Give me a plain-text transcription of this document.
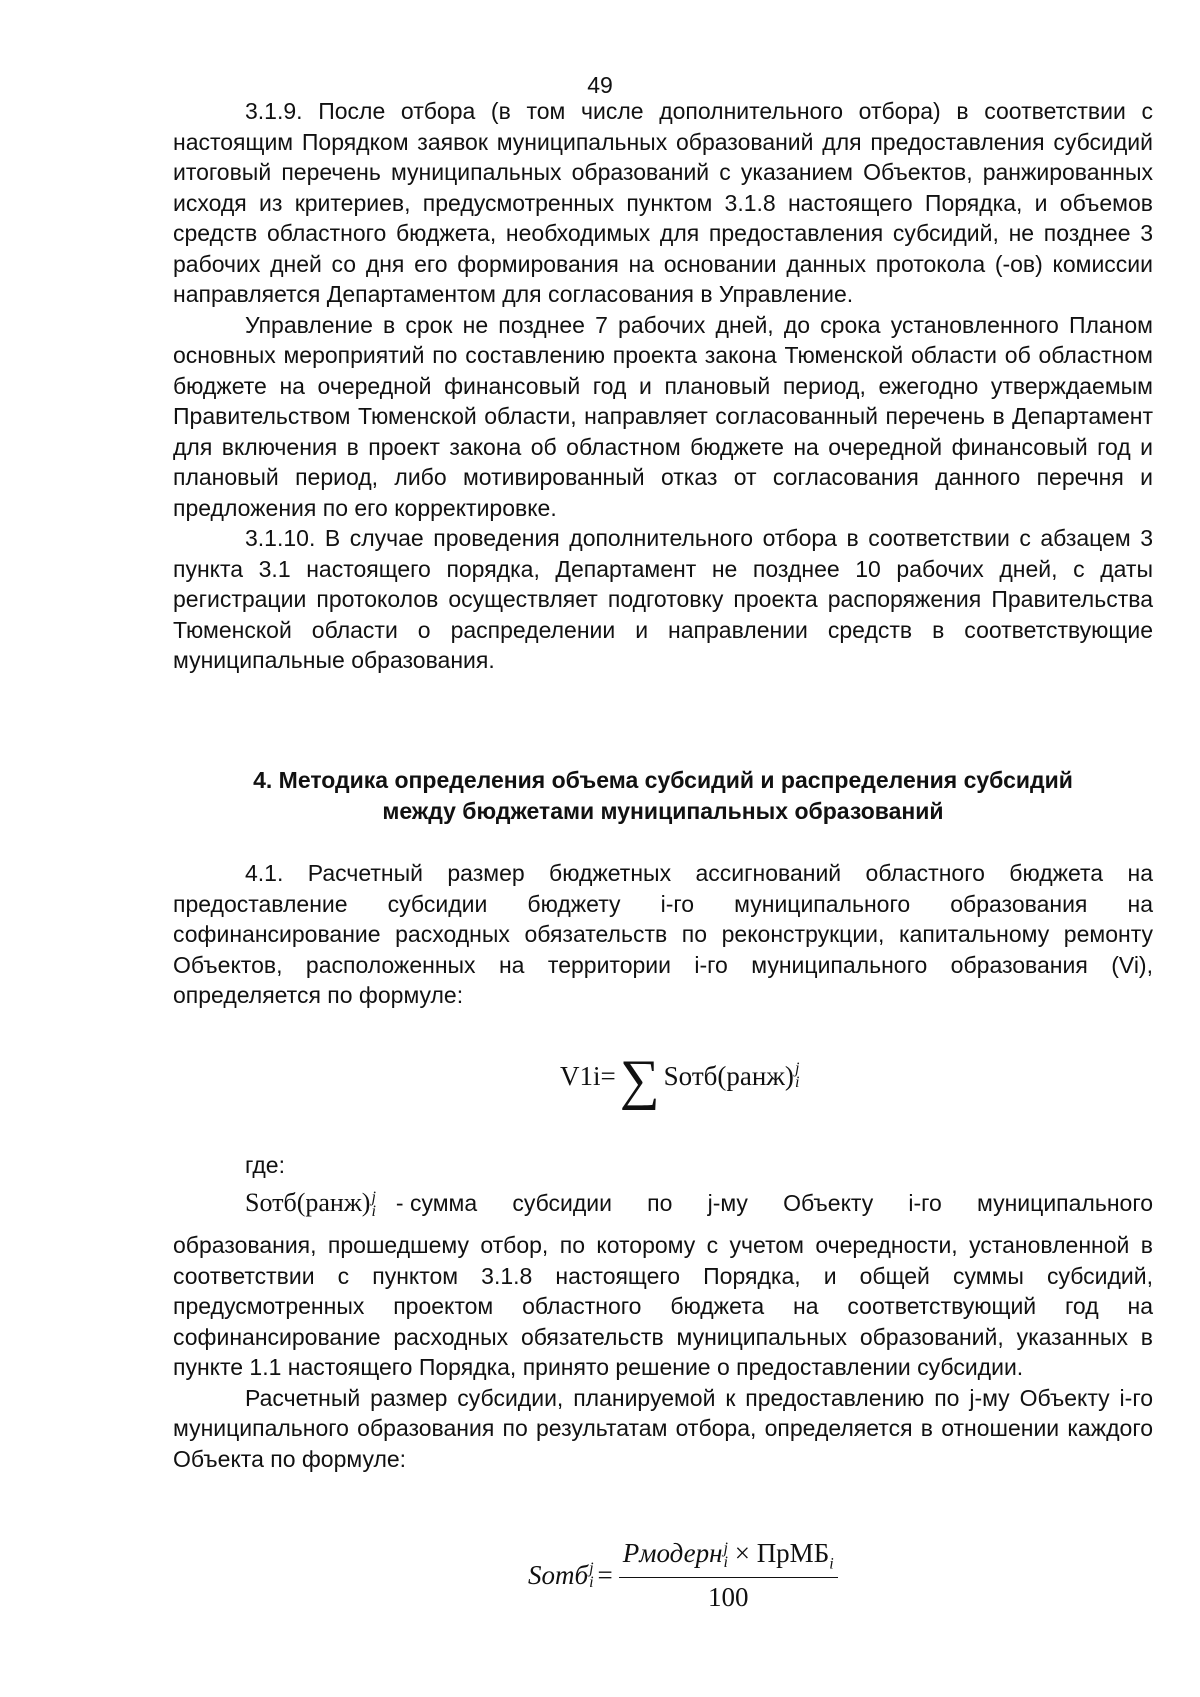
49

3.1.9. После отбора (в том числе дополнительного отбора) в соответствии с настоящим Порядком заявок муниципальных образований для предоставления субсидий итоговый перечень муниципальных образований с указанием Объектов, ранжированных исходя из критериев, предусмотренных пунктом 3.1.8 настоящего Порядка, и объемов средств областного бюджета, необходимых для предоставления субсидий, не позднее 3 рабочих дней со дня его формирования на основании данных протокола (-ов) комиссии направляется Департаментом для согласования в Управление.

Управление в срок не позднее 7 рабочих дней, до срока установленного Планом основных мероприятий по составлению проекта закона Тюменской области об областном бюджете на очередной финансовый год и плановый период, ежегодно утверждаемым Правительством Тюменской области, направляет согласованный перечень в Департамент для включения в проект закона об областном бюджете на очередной финансовый год и плановый период, либо мотивированный отказ от согласования данного перечня и предложения по его корректировке.

3.1.10. В случае проведения дополнительного отбора в соответствии с абзацем 3 пункта 3.1 настоящего порядка, Департамент не позднее 10 рабочих дней, с даты регистрации протоколов осуществляет подготовку проекта распоряжения Правительства Тюменской области о распределении и направлении средств в соответствующие муниципальные образования.

4. Методика определения объема субсидий и распределения субсидий
между бюджетами муниципальных образований

4.1. Расчетный размер бюджетных ассигнований областного бюджета на предоставление субсидии бюджету i-го муниципального образования на софинансирование расходных обязательств по реконструкции, капитальному ремонту Объектов, расположенных на территории i-го муниципального образования (Vi), определяется по формуле:

V1i= ∑ Sотб(ранж) j
i
где:
Sотб(ранж) j
i - сумма субсидии по j-му Объекту i-го муниципального

образования, прошедшему отбор, по которому с учетом очередности, установленной в соответствии с пунктом 3.1.8 настоящего Порядка, и общей суммы субсидий, предусмотренных проектом областного бюджета на соответствующий год на софинансирование расходных обязательств муниципальных образований, указанных в пункте 1.1 настоящего Порядка, принято решение о предоставлении субсидии.

Расчетный размер субсидии, планируемой к предоставлению по j-му Объекту i-го муниципального образования по результатам отбора, определяется в отношении каждого Объекта по формуле:

Sотб j
i = Рмодерн j
i × ПрМБ$_i$
100
